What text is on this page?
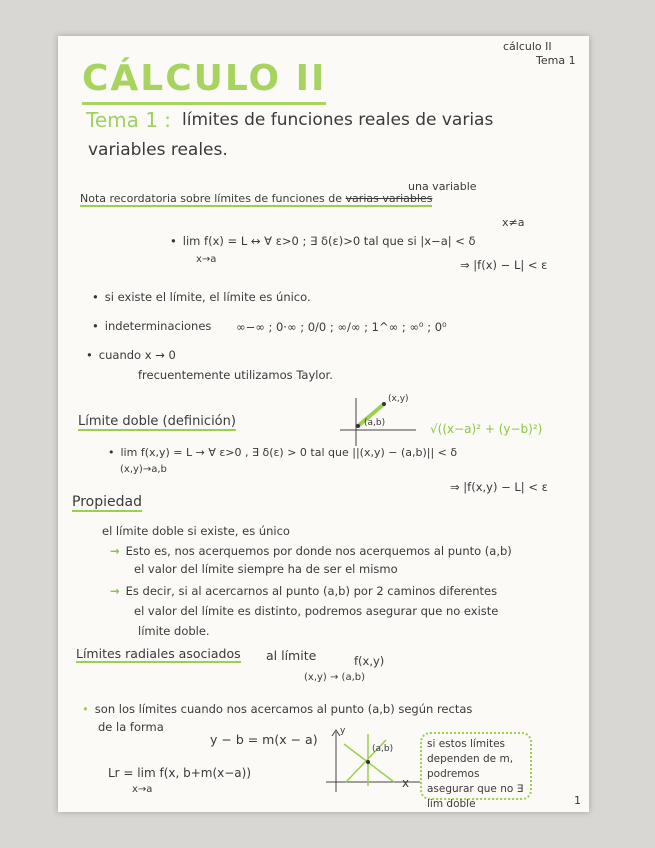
cálculo II
Tema 1
CÁLCULO II
Tema 1 : límites de funciones reales de varias
variables reales.
una variable
Nota recordatoria sobre límites de funciones de varias variables
x≠a
• lim f(x) = L ↔ ∀ ε>0 ; ∃ δ(ε)>0 tal que si |x−a| < δ
x→a	⇒ |f(x) − L| < ε
• si existe el límite, el límite es único.
• indeterminaciones ∞−∞ ; 0·∞ ; 0/0 ; ∞/∞ ; 1^∞ ; ∞⁰ ; 0⁰
• cuando x → 0
frecuentemente utilizamos Taylor.
Límite doble (definición)
(x,y)
(a,b)	√((x−a)² + (y−b)²)
• lim f(x,y) = L → ∀ ε>0 , ∃ δ(ε) > 0 tal que ||(x,y) − (a,b)|| < δ
(x,y)→a,b
⇒ |f(x,y) − L| < ε
Propiedad
el límite doble si existe, es único
→ Esto es, nos acerquemos por donde nos acerquemos al punto (a,b)
el valor del límite siempre ha de ser el mismo
→ Es decir, si al acercarnos al punto (a,b) por 2 caminos diferentes
el valor del límite es distinto, podremos asegurar que no existe
límite doble.
Límites radiales asociados al límite	f(x,y)
(x,y) → (a,b)
• son los límites cuando nos acercamos al punto (a,b) según rectas
de la forma
y − b = m(x − a)
Lr = lim f(x, b+m(x−a))
x→a
y
x
(a,b)	si estos límites dependen de m, podremos asegurar que no ∃ lim doble	1
